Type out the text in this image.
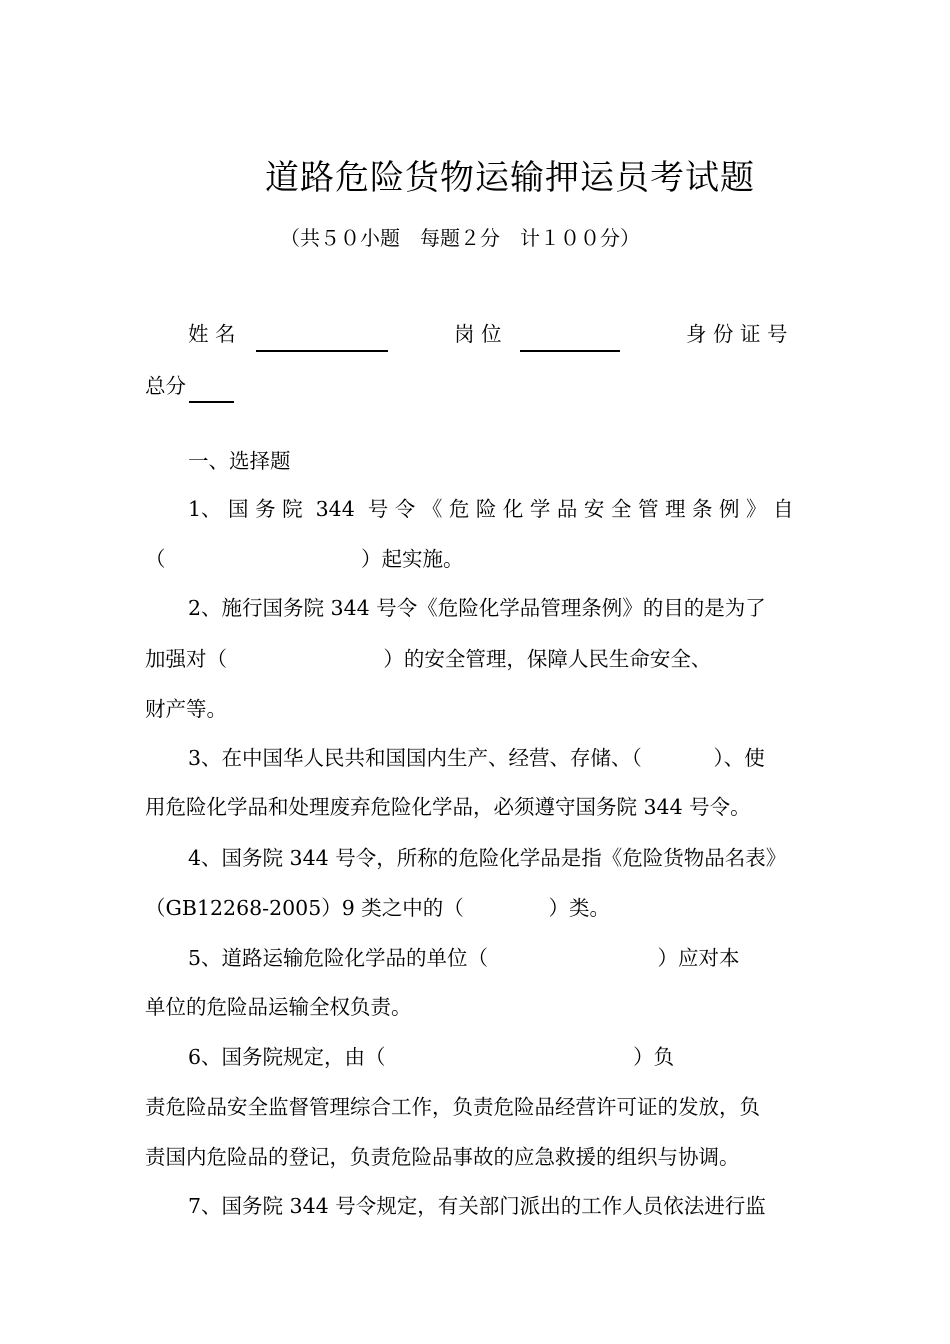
道路危险货物运输押运员考试题
（共５０小题　每题２分　计１００分）
姓 名	岗 位	身 份 证 号
总分
一、选择题
1、 国 务 院  344  号 令 《 危 险 化 学 品 安 全 管 理 条 例 》 自
（                              ）起实施。
2、施行国务院 344 号令《危险化学品管理条例》的目的是为了
加强对（                        ）的安全管理，保障人民生命安全、
财产等。
3、在中国华人民共和国国内生产、经营、存储、（           ）、使
用危险化学品和处理废弃危险化学品，必须遵守国务院 344 号令。
4、国务院 344 号令，所称的危险化学品是指《危险货物品名表》
（GB12268-2005）9 类之中的（             ）类。
5、道路运输危险化学品的单位（                          ）应对本
单位的危险品运输全权负责。
6、国务院规定，由（                                      ）负
责危险品安全监督管理综合工作，负责危险品经营许可证的发放，负
责国内危险品的登记，负责危险品事故的应急救援的组织与协调。
7、国务院 344 号令规定，有关部门派出的工作人员依法进行监
